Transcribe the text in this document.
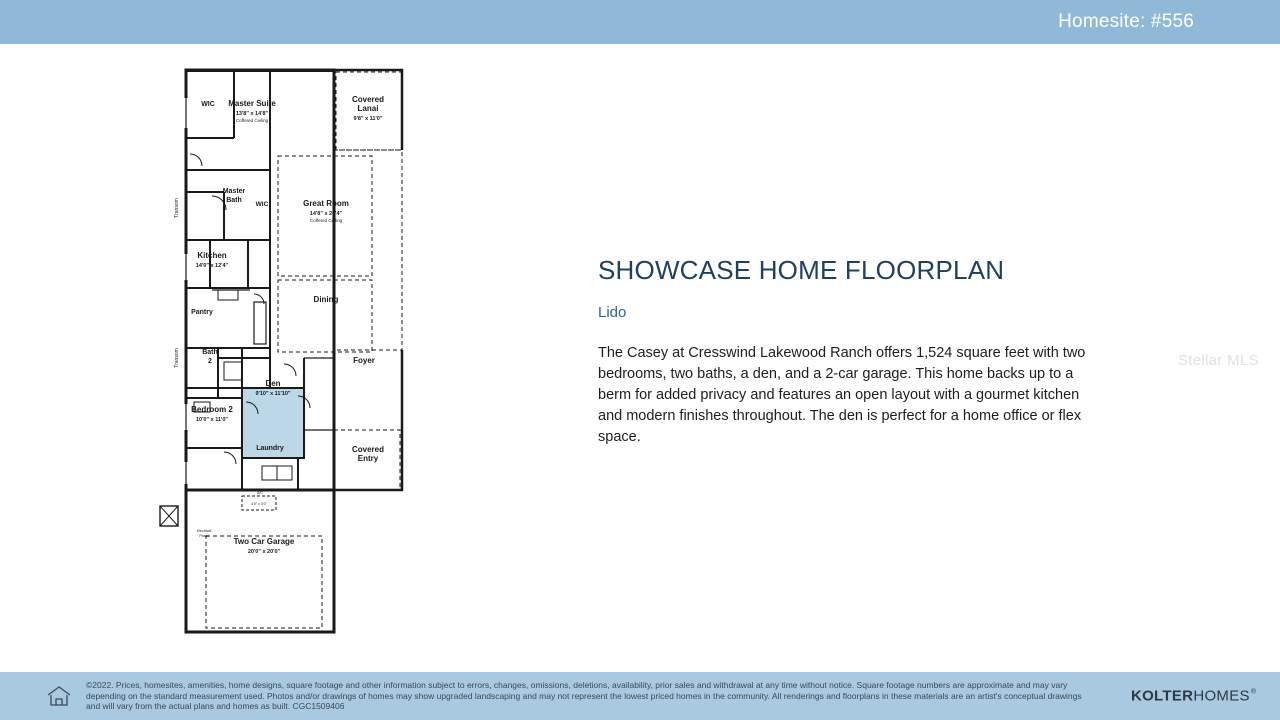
Homesite: #556
WIC Master Suite
13'8" x 14'8"
Coffered Ceiling
Covered
Lanai
9'8" x 11'0"
Master
Bath
WIC	Great Room
14'8" x 26'4"
Coffered Ceiling
Kitchen
14'0" x 12'4"
Dining
Pantry
Bath
2	Foyer
Den
9'10" x 11'10"
Bedroom 2
10'0" x 11'0"
Laundry	Covered
Entry
Two Car Garage
20'0" x 20'0"
Electrical
Panel
A/C
4'0" x 3'0"
Transom
Transom
SHOWCASE HOME FLOORPLAN

Lido

The Casey at Cresswind Lakewood Ranch offers 1,524 square feet with two bedrooms, two baths, a den, and a 2-car garage. This home backs up to a berm for added privacy and features an open layout with a gourmet kitchen and modern finishes throughout. The den is perfect for a home office or flex space.

Stellar MLS
©2022. Prices, homesites, amenities, home designs, square footage and other information subject to errors, changes, omissions, deletions, availability, prior sales and withdrawal at any time without notice. Square footage numbers are approximate and may vary depending on the standard measurement used. Photos and/or drawings of homes may show upgraded landscaping and may not represent the lowest priced homes in the community. All renderings and floorplans in these materials are an artist's conceptual drawings and will vary from the actual plans and homes as built. CGC1509406
KOLTER HOMES ®
